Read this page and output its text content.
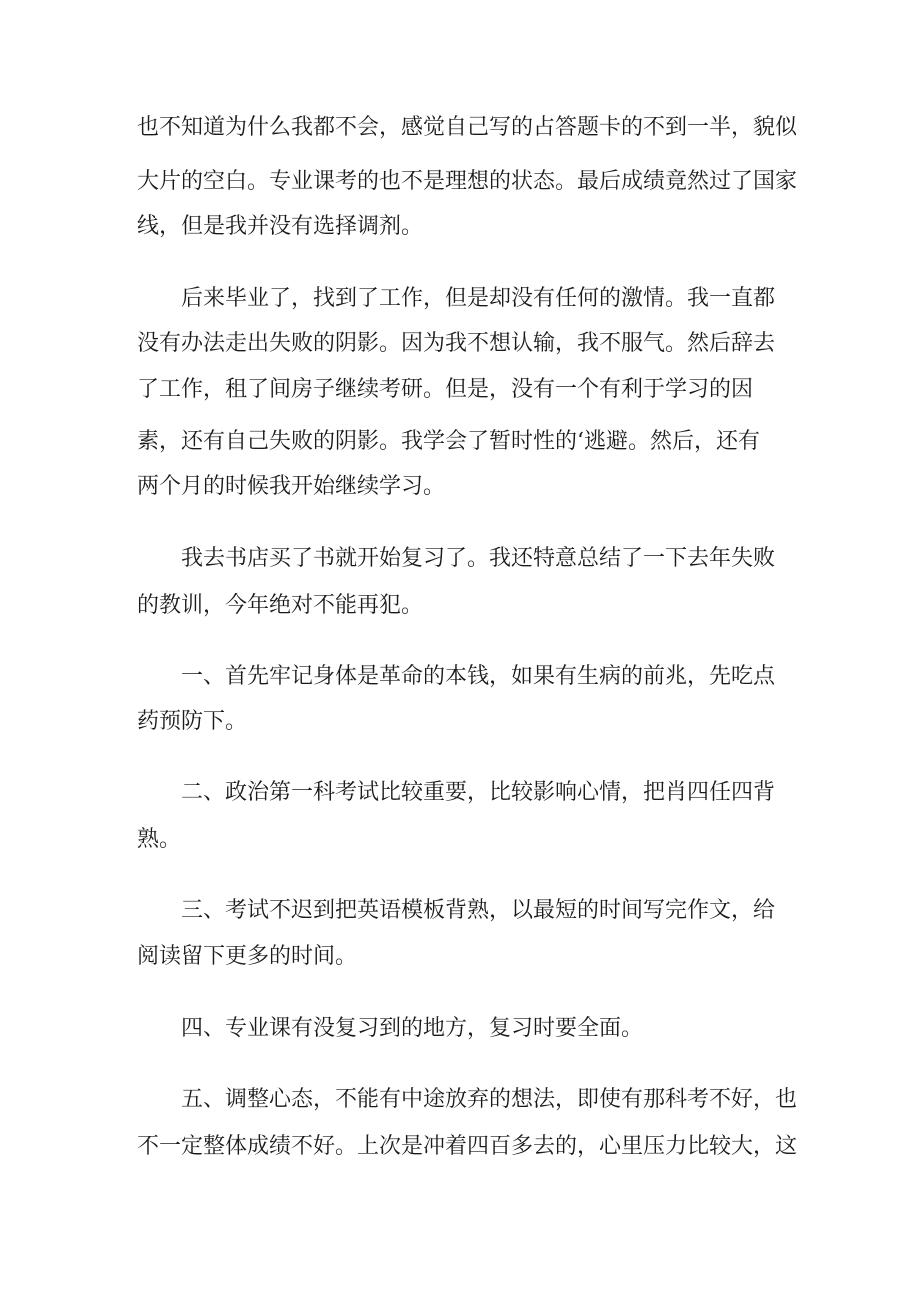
也不知道为什么我都不会，感觉自己写的占答题卡的不到一半，貌似

大片的空白。专业课考的也不是理想的状态。最后成绩竟然过了国家

线，但是我并没有选择调剂。

后来毕业了，找到了工作，但是却没有任何的激情。我一直都

没有办法走出失败的阴影。因为我不想认输，我不服气。然后辞去

了工作，租了间房子继续考研。但是，没有一个有利于学习的因

素，还有自己失败的阴影。我学会了暂时性的‘逃避。然后，还有

两个月的时候我开始继续学习。

我去书店买了书就开始复习了。我还特意总结了一下去年失败

的教训，今年绝对不能再犯。

一、首先牢记身体是革命的本钱，如果有生病的前兆，先吃点

药预防下。

二、政治第一科考试比较重要，比较影响心情，把肖四任四背

熟。

三、考试不迟到把英语模板背熟，以最短的时间写完作文，给

阅读留下更多的时间。

四、专业课有没复习到的地方，复习时要全面。

五、调整心态，不能有中途放弃的想法，即使有那科考不好，也

不一定整体成绩不好。上次是冲着四百多去的，心里压力比较大，这
